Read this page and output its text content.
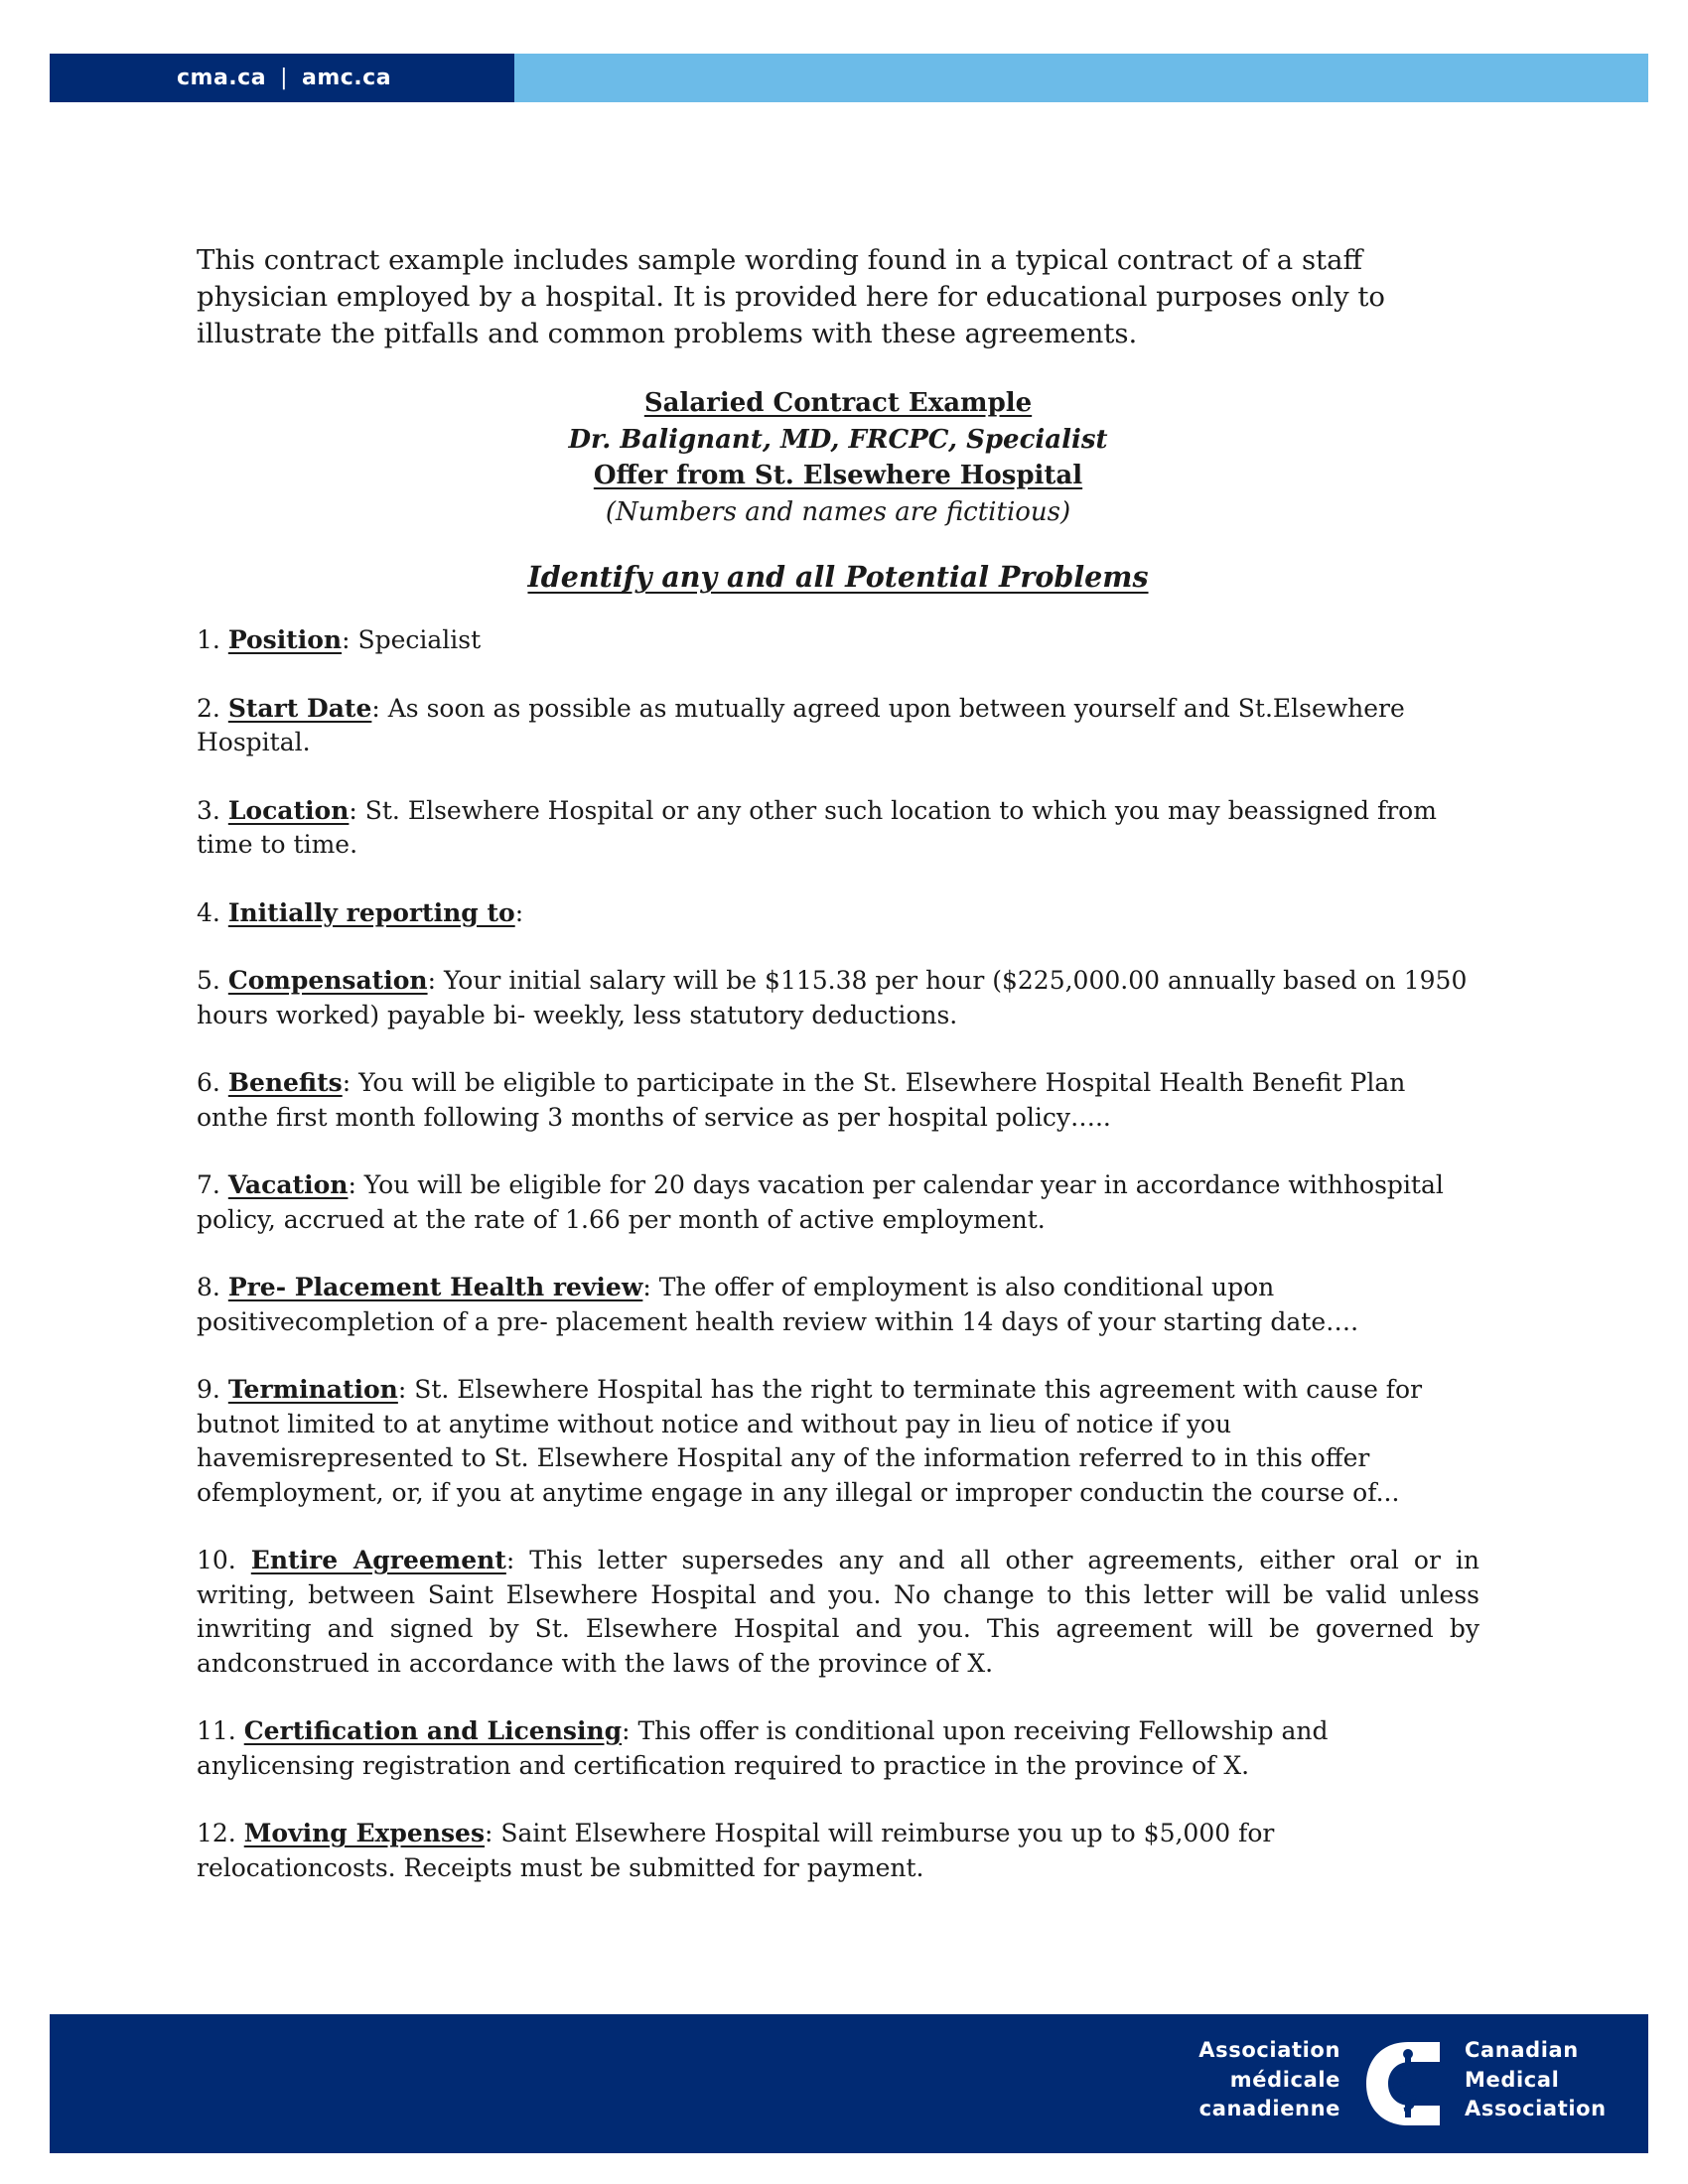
cma.ca | amc.ca

This contract example includes sample wording found in a typical contract of a staff physician employed by a hospital. It is provided here for educational purposes only to illustrate the pitfalls and common problems with these agreements.

Salaried Contract Example
Dr. Balignant, MD, FRCPC, Specialist
Offer from St. Elsewhere Hospital
(Numbers and names are fictitious)
Identify any and all Potential Problems

1. Position: Specialist

2. Start Date: As soon as possible as mutually agreed upon between yourself and St.Elsewhere Hospital.

3. Location: St. Elsewhere Hospital or any other such location to which you may beassigned from time to time.

4. Initially reporting to:

5. Compensation: Your initial salary will be $115.38 per hour ($225,000.00 annually based on 1950 hours worked) payable bi- weekly, less statutory deductions.

6. Benefits: You will be eligible to participate in the St. Elsewhere Hospital Health Benefit Plan onthe first month following 3 months of service as per hospital policy…..

7. Vacation: You will be eligible for 20 days vacation per calendar year in accordance withhospital policy, accrued at the rate of 1.66 per month of active employment.

8. Pre- Placement Health review: The offer of employment is also conditional upon positivecompletion of a pre- placement health review within 14 days of your starting date….

9. Termination: St. Elsewhere Hospital has the right to terminate this agreement with cause for butnot limited to at anytime without notice and without pay in lieu of notice if you havemisrepresented to St. Elsewhere Hospital any of the information referred to in this offer ofemployment, or, if you at anytime engage in any illegal or improper conductin the course of...

10. Entire Agreement: This letter supersedes any and all other agreements, either oral or in writing, between Saint Elsewhere Hospital and you. No change to this letter will be valid unless inwriting and signed by St. Elsewhere Hospital and you. This agreement will be governed by andconstrued in accordance with the laws of the province of X.

11. Certification and Licensing: This offer is conditional upon receiving Fellowship and anylicensing registration and certification required to practice in the province of X.

12. Moving Expenses: Saint Elsewhere Hospital will reimburse you up to $5,000 for relocationcosts. Receipts must be submitted for payment.

Association
médicale
canadienne
Canadian
Medical
Association
